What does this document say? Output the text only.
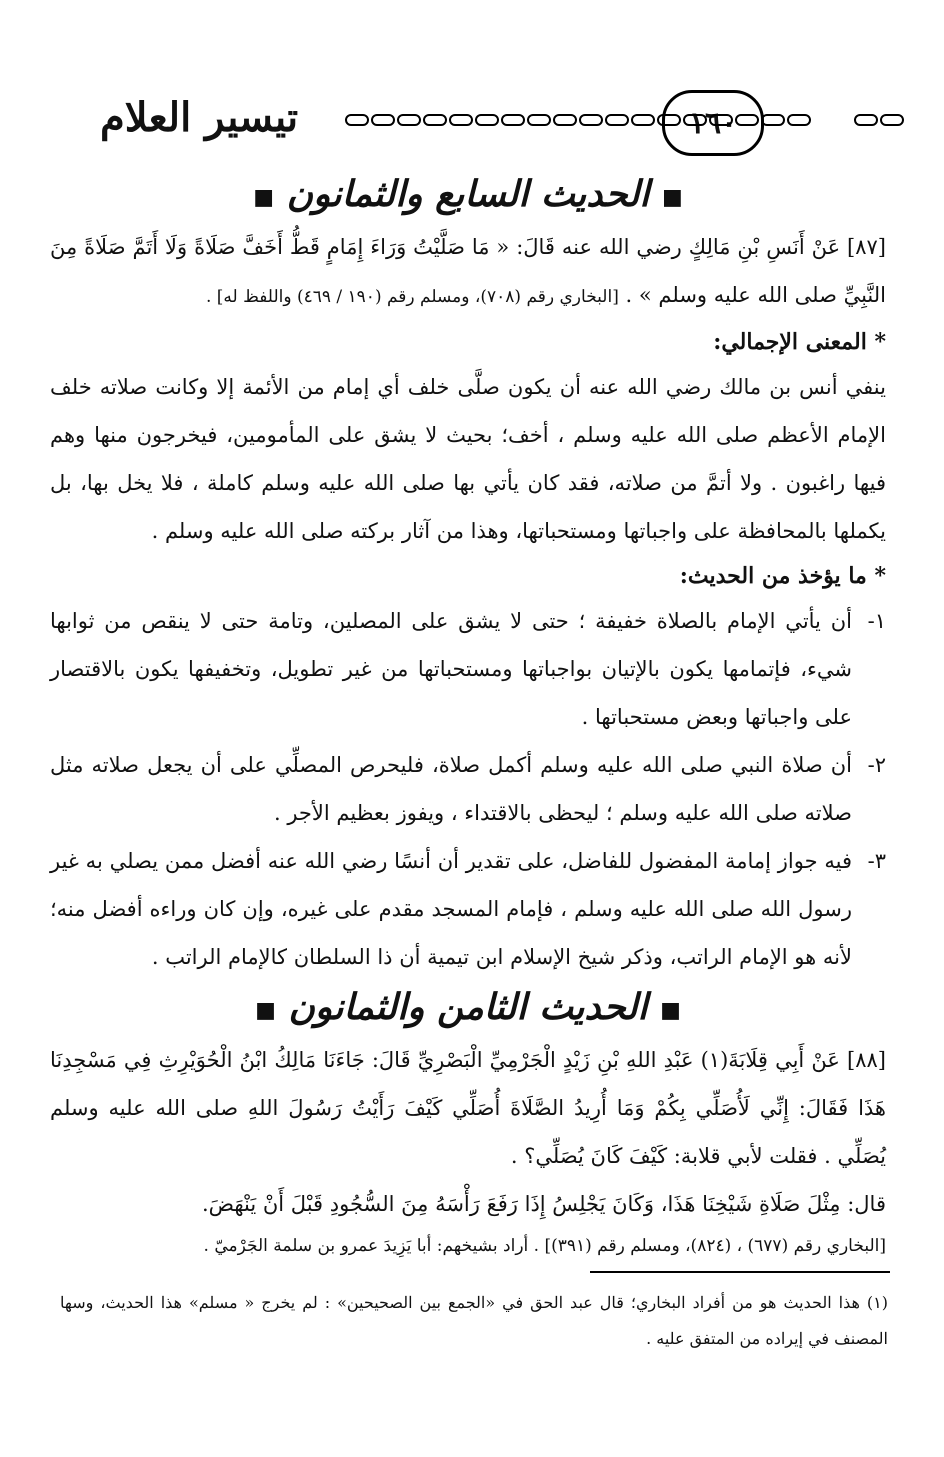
١٦٠
تيسير العلام
■ الحديث السابع والثمانون ■

[٨٧] عَنْ أَنَسِ بْنِ مَالِكٍ رضي الله عنه قَالَ: « مَا صَلَّيْتُ وَرَاءَ إِمَامٍ قَطُّ أَخَفَّ صَلَاةً وَلَا أَتَمَّ صَلَاةً مِنَ النَّبِيِّ صلى الله عليه وسلم » . [البخاري رقم (٧٠٨)، ومسلم رقم (١٩٠ / ٤٦٩) واللفظ له] .

* المعنى الإجمالي:

ينفي أنس بن مالك رضي الله عنه أن يكون صلَّى خلف أي إمام من الأئمة إلا وكانت صلاته خلف الإمام الأعظم صلى الله عليه وسلم ، أخف؛ بحيث لا يشق على المأمومين، فيخرجون منها وهم فيها راغبون . ولا أتمَّ من صلاته، فقد كان يأتي بها صلى الله عليه وسلم كاملة ، فلا يخل بها، بل يكملها بالمحافظة على واجباتها ومستحباتها، وهذا من آثار بركته صلى الله عليه وسلم .

* ما يؤخذ من الحديث:

١-
أن يأتي الإمام بالصلاة خفيفة ؛ حتى لا يشق على المصلين، وتامة حتى لا ينقص من ثوابها شيء، فإتمامها يكون بالإتيان بواجباتها ومستحباتها من غير تطويل، وتخفيفها يكون بالاقتصار على واجباتها وبعض مستحباتها .
٢-
أن صلاة النبي صلى الله عليه وسلم أكمل صلاة، فليحرص المصلِّي على أن يجعل صلاته مثل صلاته صلى الله عليه وسلم ؛ ليحظى بالاقتداء ، ويفوز بعظيم الأجر .
٣-
فيه جواز إمامة المفضول للفاضل، على تقدير أن أنسًا رضي الله عنه أفضل ممن يصلي به غير رسول الله صلى الله عليه وسلم ، فإمام المسجد مقدم على غيره، وإن كان وراءه أفضل منه؛ لأنه هو الإمام الراتب، وذكر شيخ الإسلام ابن تيمية أن ذا السلطان كالإمام الراتب .
■ الحديث الثامن والثمانون ■

[٨٨] عَنْ أَبِي قِلَابَةَ(١) عَبْدِ اللهِ بْنِ زَيْدٍ الْجَرْمِيِّ الْبَصْرِيِّ قَالَ: جَاءَنَا مَالِكُ ابْنُ الْحُوَيْرِثِ فِي مَسْجِدِنَا هَذَا فَقَالَ: إِنِّي لَأُصَلِّي بِكُمْ وَمَا أُرِيدُ الصَّلَاةَ أُصَلِّي كَيْفَ رَأَيْتُ رَسُولَ اللهِ صلى الله عليه وسلم يُصَلِّي . فقلت لأبي قلابة: كَيْفَ كَانَ يُصَلِّي؟ .

قال: مِثْلَ صَلَاةِ شَيْخِنَا هَذَا، وَكَانَ يَجْلِسُ إِذَا رَفَعَ رَأْسَهُ مِنَ السُّجُودِ قَبْلَ أَنْ يَنْهَضَ.

[البخاري رقم (٦٧٧) ، (٨٢٤)، ومسلم رقم (٣٩١)] . أراد بشيخهم: أبا يَزِيدَ عمرو بن سلمة الجَرْميّ .

(١) هذا الحديث هو من أفراد البخاري؛ قال عبد الحق في «الجمع بين الصحيحين» : لم يخرج « مسلم» هذا الحديث، وسها المصنف في إيراده من المتفق عليه .
